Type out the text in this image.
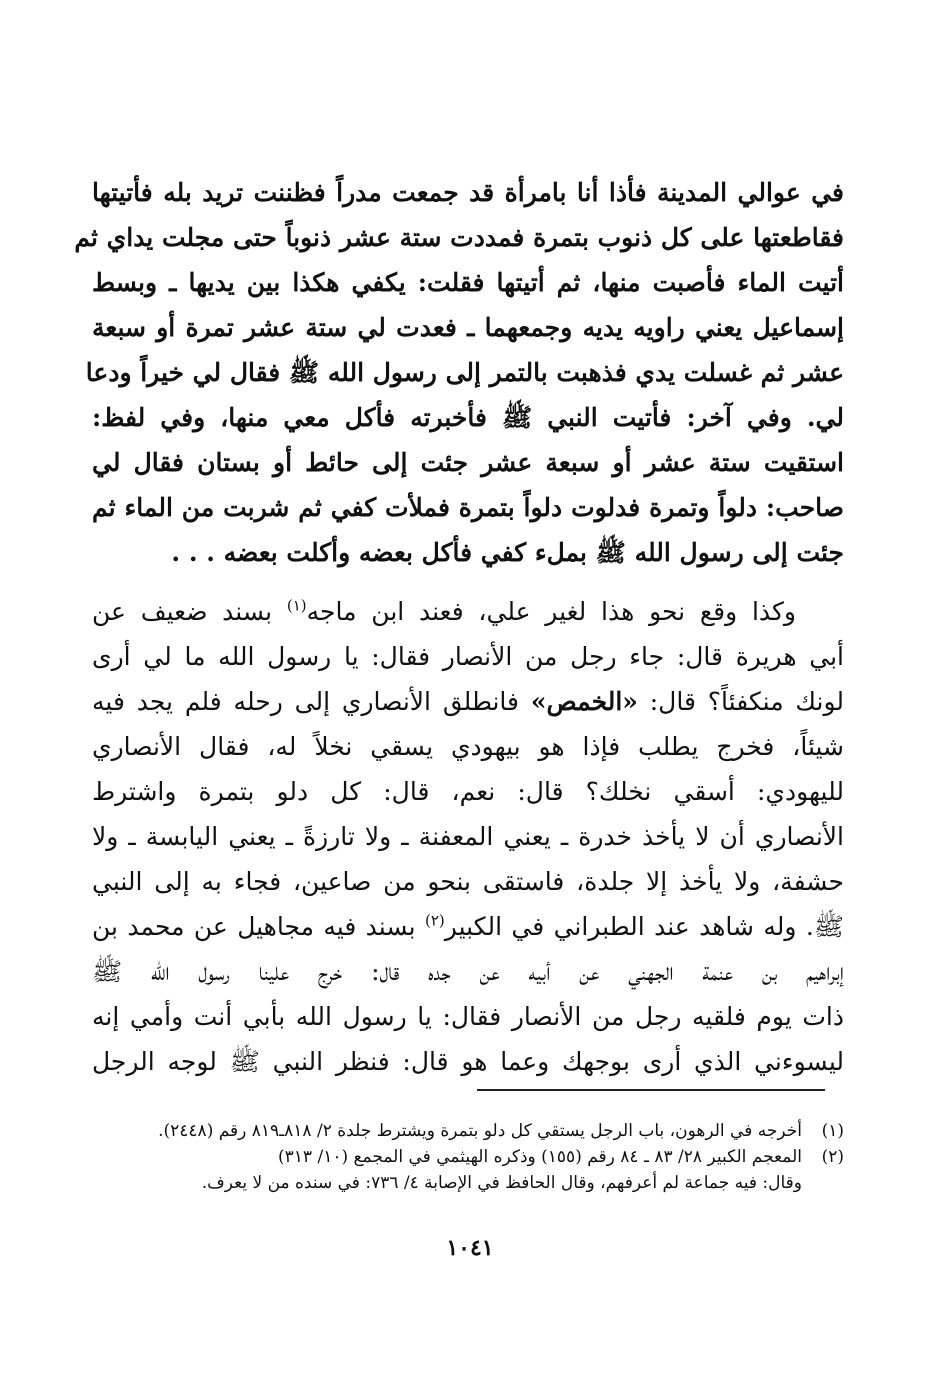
في عوالي المدينة فأذا أنا بامرأة قد جمعت مدراً فظننت تريد بله فأتيتها
فقاطعتها على كل ذنوب بتمرة فمددت ستة عشر ذنوباً حتى مجلت يداي ثم
أتيت الماء فأصبت منها، ثم أتيتها فقلت: يكفي هكذا بين يديها ـ وبسط
إسماعيل يعني راويه يديه وجمعهما ـ فعدت لي ستة عشر تمرة أو سبعة
عشر ثم غسلت يدي فذهبت بالتمر إلى رسول الله ﷺ فقال لي خيراً ودعا
لي. وفي آخر: فأتيت النبي ﷺ فأخبرته فأكل معي منها، وفي لفظ:
استقيت ستة عشر أو سبعة عشر جئت إلى حائط أو بستان فقال لي
صاحب: دلواً وتمرة فدلوت دلواً بتمرة فملأت كفي ثم شربت من الماء ثم
جئت إلى رسول الله ﷺ بملء كفي فأكل بعضه وأكلت بعضه . . .
وكذا وقع نحو هذا لغير علي، فعند ابن ماجه$^{(١)}$ بسند ضعيف عن
أبي هريرة قال: جاء رجل من الأنصار فقال: يا رسول الله ما لي أرى
لونك منكفئاً؟ قال: «الخمص» فانطلق الأنصاري إلى رحله فلم يجد فيه
شيئاً، فخرج يطلب فإذا هو بيهودي يسقي نخلاً له، فقال الأنصاري
لليهودي: أسقي نخلك؟ قال: نعم، قال: كل دلو بتمرة واشترط
الأنصاري أن لا يأخذ خدرة ـ يعني المعفنة ـ ولا تارزةً ـ يعني اليابسة ـ ولا
حشفة، ولا يأخذ إلا جلدة، فاستقى بنحو من صاعين، فجاء به إلى النبي
ﷺ. وله شاهد عند الطبراني في الكبير$^{(٢)}$ بسند فيه مجاهيل عن محمد بن
إبراهيم بن عنمة الجهني عن أبيه عن جده قال: خرج علينا رسول الله ﷺ
ذات يوم فلقيه رجل من الأنصار فقال: يا رسول الله بأبي أنت وأمي إنه
ليسوءني الذي أرى بوجهك وعما هو قال: فنظر النبي ﷺ لوجه الرجل
(١)أخرجه في الرهون، باب الرجل يستقي كل دلو بتمرة ويشترط جلدة ٢/ ٨١٨ـ٨١٩ رقم (٢٤٤٨).
(٢)المعجم الكبير ٢٨/ ٨٣ ـ ٨٤ رقم (١٥٥) وذكره الهيثمي في المجمع (١٠/ ٣١٣)
وقال: فيه جماعة لم أعرفهم، وقال الحافظ في الإصابة ٤/ ٧٣٦: في سنده من لا يعرف.
١٠٤١
